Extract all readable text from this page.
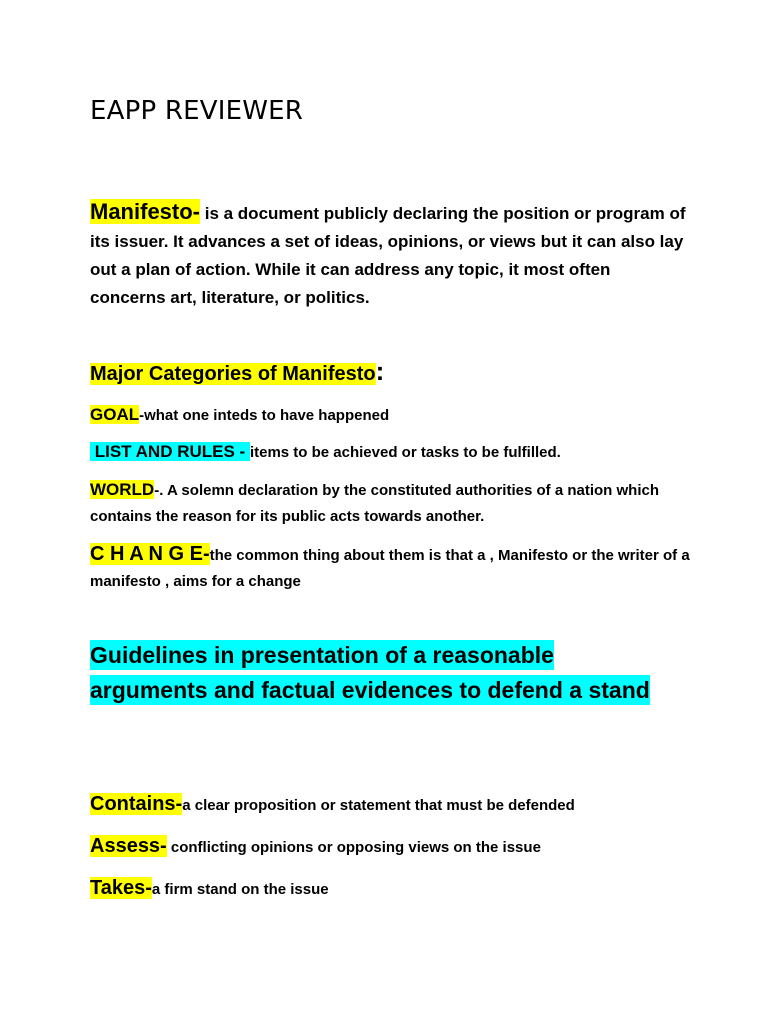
EAPP REVIEWER
Manifesto- is a document publicly declaring the position or program of its issuer. It advances a set of ideas, opinions, or views but it can also lay out a plan of action. While it can address any topic, it most often concerns art, literature, or politics.
Major Categories of Manifesto:
GOAL-what one inteds to have happened
LIST AND RULES - items to be achieved or tasks to be fulfilled.
WORLD-. A solemn declaration by the constituted authorities of a nation which contains the reason for its public acts towards another.
C H A N G E-the common thing about them is that a , Manifesto or the writer of a manifesto , aims for a change
Guidelines in presentation of a reasonable arguments and factual evidences to defend a stand
Contains-a clear proposition or statement that must be defended
Assess- conflicting opinions or opposing views on the issue
Takes-a firm stand on the issue
